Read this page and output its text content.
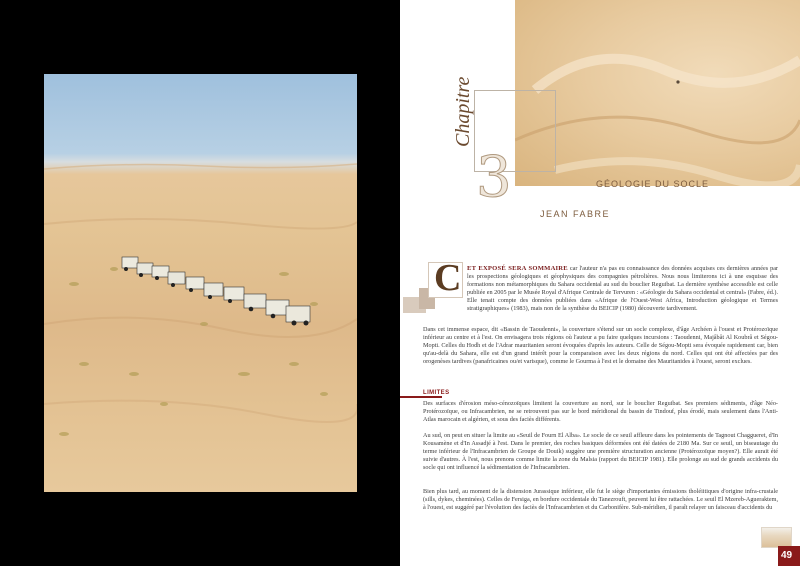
Chapitre
3	GÉOLOGIE DU SOCLE
JEAN FABRE
C ET EXPOSÉ SERA SOMMAIRE car l'auteur n'a pas eu connaissance des données acquises ces dernières années par les prospections géologiques et géophysiques des compagnies pétrolières. Nous nous limiterons ici à une esquisse des formations non métamorphiques du Sahara occidental au sud du bouclier Reguibat. La dernière synthèse accessible est celle publiée en 2005 par le Musée Royal d'Afrique Centrale de Tervuren : «Géologie du Sahara occidental et central» (Fabre, éd.). Elle tenait compte des données publiées dans «Afrique de l'Ouest-West Africa, Introduction géologique et Termes stratigraphiques» (1983), mais non de la synthèse du BEICIP (1980) découverte tardivement.

Dans cet immense espace, dit «Bassin de Taoudenni», la couverture s'étend sur un socle complexe, d'âge Archéen à l'ouest et Protérozoïque inférieur au centre et à l'est. On envisagera trois régions où l'auteur a pu faire quelques incursions : Taoudenni, Majâbât Al Koubrâ et Ségou-Mopti. Celles du Hodh et de l'Adrar mauritanien seront évoquées d'après les auteurs. Celle de Ségou-Mopti sera évoquée rapidement car, bien qu'au-delà du Sahara, elle est d'un grand intérêt pour la comparaison avec les deux régions du nord. Celles qui ont été affectées par des orogenèses tardives (panafricaines ou/et varisque), comme le Gourma à l'est et le domaine des Mauritanides à l'ouest, seront exclues.

LIMITES

Des surfaces d'érosion méso-cénozoïques limitent la couverture au nord, sur le bouclier Reguibat. Ses premiers sédiments, d'âge Néo-Protérozoïque, ou Infracambrien, ne se retrouvent pas sur le bord méridional du bassin de Tindouf, plus érodé, mais seulement dans l'Anti-Atlas marocain et algérien, et sous des faciès différents.

Au sud, on peut en situer la limite au «Seuil de Fourn El Alba». Le socle de ce seuil affleure dans les pointements de Tagnout Chaggueret, d'In Kousamène et d'In Assadjé à l'est. Dans le premier, des roches basiques déformées ont été datées de 2180 Ma. Sur ce seuil, un biseautage du terme inférieur de l'Infracambrien de Groupe de Douik) suggère une première structuration ancienne (Protérozoïque moyen?). Elle aurait été suivie d'autres. À l'est, nous prenons comme limite la zone du Malsia (rapport du BEICIP 1981). Elle prolonge au sud de grands accidents du socle qui ont influencé la sédimentation de l'Infracambrien.

Bien plus tard, au moment de la distension Jurassique inférieur, elle fut le siège d'importantes émissions tholéiitiques d'origine infra-crustale (sills, dykes, cheminées). Celles de Fersiga, en bordure occidentale du Tanezrouft, peuvent lui être rattachées. Le seuil El Mzereb-Agueraktem, à l'ouest, est suggéré par l'évolution des faciès de l'Infracambrien et du Carbonifère. Sub-méridien, il paraît relayer un faisceau d'accidents du

49
